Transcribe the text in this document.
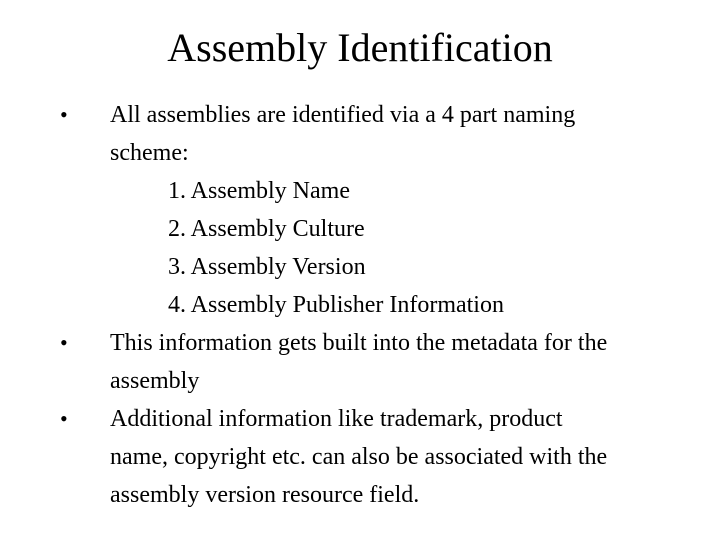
Assembly Identification
• All assemblies are identified via a 4 part naming
scheme:
1. Assembly Name
2. Assembly Culture
3. Assembly Version
4. Assembly Publisher Information
• This information gets built into the metadata for the
assembly
• Additional information like trademark, product
name, copyright etc. can also be associated with the
assembly version resource field.
